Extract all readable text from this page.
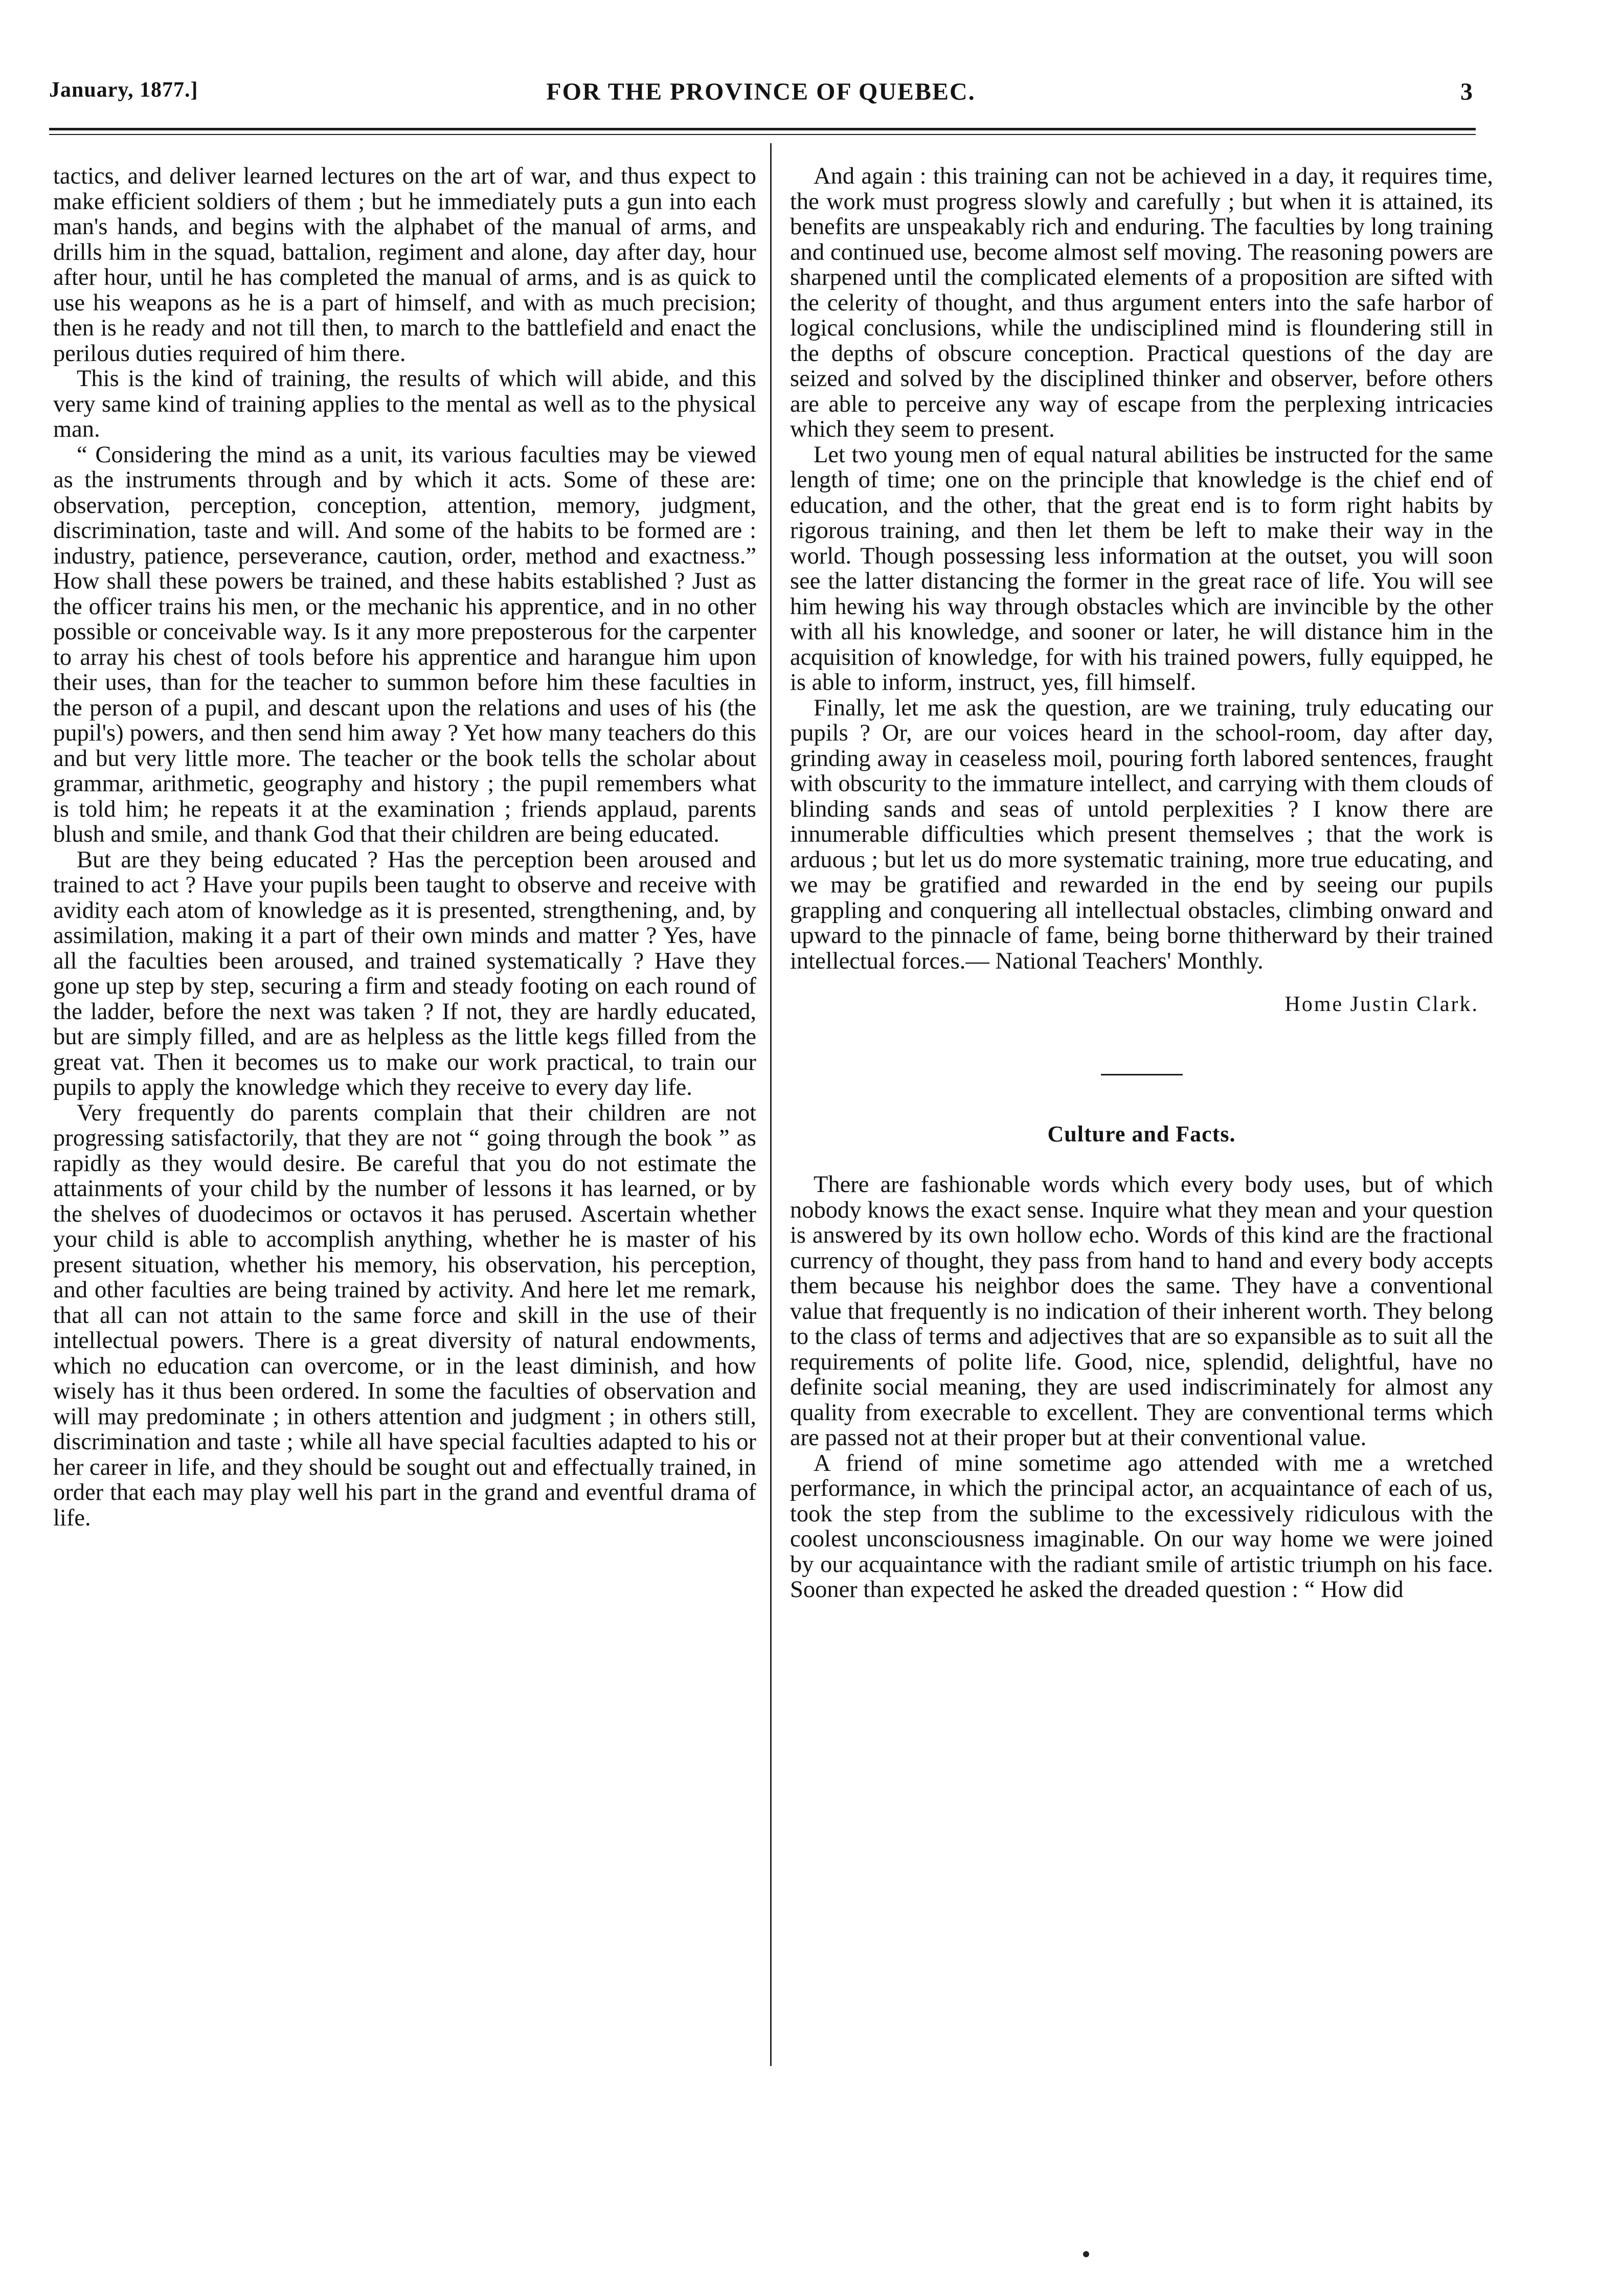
January, 1877.]	FOR THE PROVINCE OF QUEBEC.	3

tactics, and deliver learned lectures on the art of war, and thus expect to make efficient soldiers of them ; but he immediately puts a gun into each man's hands, and begins with the alphabet of the manual of arms, and drills him in the squad, battalion, regiment and alone, day after day, hour after hour, until he has completed the manual of arms, and is as quick to use his weapons as he is a part of himself, and with as much precision; then is he ready and not till then, to march to the battlefield and enact the perilous duties required of him there.

This is the kind of training, the results of which will abide, and this very same kind of training applies to the mental as well as to the physical man.

“ Considering the mind as a unit, its various faculties may be viewed as the instruments through and by which it acts. Some of these are: observation, perception, conception, attention, memory, judgment, discrimination, taste and will. And some of the habits to be formed are : industry, patience, perseverance, caution, order, method and exactness.” How shall these powers be trained, and these habits established ? Just as the officer trains his men, or the mechanic his apprentice, and in no other possible or conceivable way. Is it any more preposterous for the carpenter to array his chest of tools before his apprentice and harangue him upon their uses, than for the teacher to summon before him these faculties in the person of a pupil, and descant upon the relations and uses of his (the pupil's) powers, and then send him away ? Yet how many teachers do this and but very little more. The teacher or the book tells the scholar about grammar, arithmetic, geography and history ; the pupil remembers what is told him; he repeats it at the examination ; friends applaud, parents blush and smile, and thank God that their children are being educated.

But are they being educated ? Has the perception been aroused and trained to act ? Have your pupils been taught to observe and receive with avidity each atom of knowledge as it is presented, strengthening, and, by assimilation, making it a part of their own minds and matter ? Yes, have all the faculties been aroused, and trained systematically ? Have they gone up step by step, securing a firm and steady footing on each round of the ladder, before the next was taken ? If not, they are hardly educated, but are simply filled, and are as helpless as the little kegs filled from the great vat. Then it becomes us to make our work practical, to train our pupils to apply the knowledge which they receive to every day life.

Very frequently do parents complain that their children are not progressing satisfactorily, that they are not “ going through the book ” as rapidly as they would desire. Be careful that you do not estimate the attainments of your child by the number of lessons it has learned, or by the shelves of duodecimos or octavos it has perused. Ascertain whether your child is able to accomplish anything, whether he is master of his present situation, whether his memory, his observation, his perception, and other faculties are being trained by activity. And here let me remark, that all can not attain to the same force and skill in the use of their intellectual powers. There is a great diversity of natural endowments, which no education can overcome, or in the least diminish, and how wisely has it thus been ordered. In some the faculties of observation and will may predominate ; in others attention and judgment ; in others still, discrimination and taste ; while all have special faculties adapted to his or her career in life, and they should be sought out and effectually trained, in order that each may play well his part in the grand and eventful drama of life.

And again : this training can not be achieved in a day, it requires time, the work must progress slowly and carefully ; but when it is attained, its benefits are unspeakably rich and enduring. The faculties by long training and continued use, become almost self moving. The reasoning powers are sharpened until the complicated elements of a proposition are sifted with the celerity of thought, and thus argument enters into the safe harbor of logical conclusions, while the undisciplined mind is floundering still in the depths of obscure conception. Practical questions of the day are seized and solved by the disciplined thinker and observer, before others are able to perceive any way of escape from the perplexing intricacies which they seem to present.

Let two young men of equal natural abilities be instructed for the same length of time; one on the principle that knowledge is the chief end of education, and the other, that the great end is to form right habits by rigorous training, and then let them be left to make their way in the world. Though possessing less information at the outset, you will soon see the latter distancing the former in the great race of life. You will see him hewing his way through obstacles which are invincible by the other with all his knowledge, and sooner or later, he will distance him in the acquisition of knowledge, for with his trained powers, fully equipped, he is able to inform, instruct, yes, fill himself.

Finally, let me ask the question, are we training, truly educating our pupils ? Or, are our voices heard in the school-room, day after day, grinding away in ceaseless moil, pouring forth labored sentences, fraught with obscurity to the immature intellect, and carrying with them clouds of blinding sands and seas of untold perplexities ? I know there are innumerable difficulties which present themselves ; that the work is arduous ; but let us do more systematic training, more true educating, and we may be gratified and rewarded in the end by seeing our pupils grappling and conquering all intellectual obstacles, climbing onward and upward to the pinnacle of fame, being borne thitherward by their trained intellectual forces.— National Teachers' Monthly.

Home Justin Clark.

Culture and Facts.

There are fashionable words which every body uses, but of which nobody knows the exact sense. Inquire what they mean and your question is answered by its own hollow echo. Words of this kind are the fractional currency of thought, they pass from hand to hand and every body accepts them because his neighbor does the same. They have a conventional value that frequently is no indication of their inherent worth. They belong to the class of terms and adjectives that are so expansible as to suit all the requirements of polite life. Good, nice, splendid, delightful, have no definite social meaning, they are used indiscriminately for almost any quality from execrable to excellent. They are conventional terms which are passed not at their proper but at their conventional value.

A friend of mine sometime ago attended with me a wretched performance, in which the principal actor, an acquaintance of each of us, took the step from the sublime to the excessively ridiculous with the coolest unconsciousness imaginable. On our way home we were joined by our acquaintance with the radiant smile of artistic triumph on his face. Sooner than expected he asked the dreaded question : “ How did
